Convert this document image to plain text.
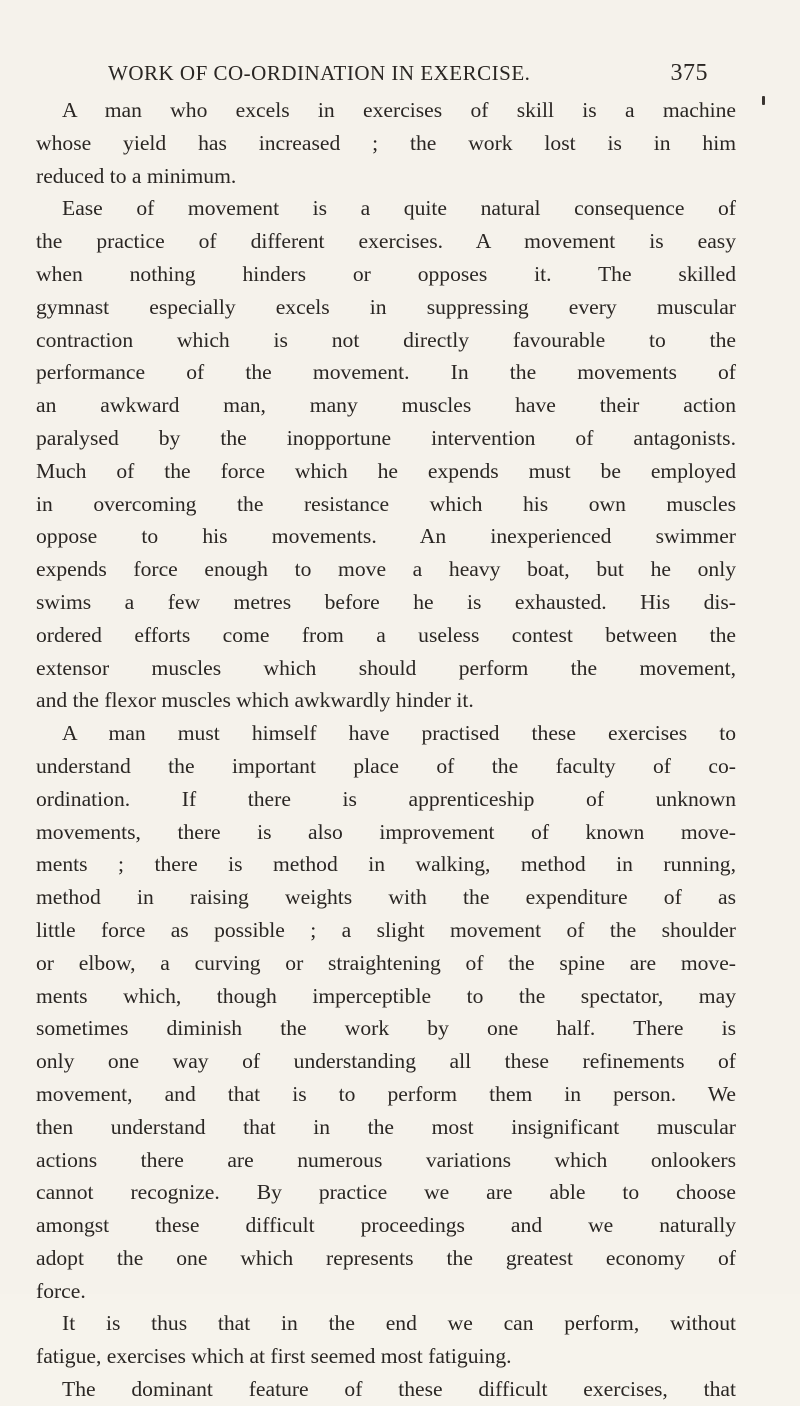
WORK OF CO-ORDINATION IN EXERCISE.	375
A man who excels in exercises of skill is a machine
whose yield has increased ; the work lost is in him
reduced to a minimum.
Ease of movement is a quite natural consequence of
the practice of different exercises. A movement is easy
when nothing hinders or opposes it. The skilled
gymnast especially excels in suppressing every muscular
contraction which is not directly favourable to the
performance of the movement. In the movements of
an awkward man, many muscles have their action
paralysed by the inopportune intervention of antagonists.
Much of the force which he expends must be employed
in overcoming the resistance which his own muscles
oppose to his movements. An inexperienced swimmer
expends force enough to move a heavy boat, but he only
swims a few metres before he is exhausted. His dis-
ordered efforts come from a useless contest between the
extensor muscles which should perform the movement,
and the flexor muscles which awkwardly hinder it.
A man must himself have practised these exercises to
understand the important place of the faculty of co-
ordination. If there is apprenticeship of unknown
movements, there is also improvement of known move-
ments ; there is method in walking, method in running,
method in raising weights with the expenditure of as
little force as possible ; a slight movement of the shoulder
or elbow, a curving or straightening of the spine are move-
ments which, though imperceptible to the spectator, may
sometimes diminish the work by one half. There is
only one way of understanding all these refinements of
movement, and that is to perform them in person. We
then understand that in the most insignificant muscular
actions there are numerous variations which onlookers
cannot recognize. By practice we are able to choose
amongst these difficult proceedings and we naturally
adopt the one which represents the greatest economy of
force.
It is thus that in the end we can perform, without
fatigue, exercises which at first seemed most fatiguing.
The dominant feature of these difficult exercises, that
